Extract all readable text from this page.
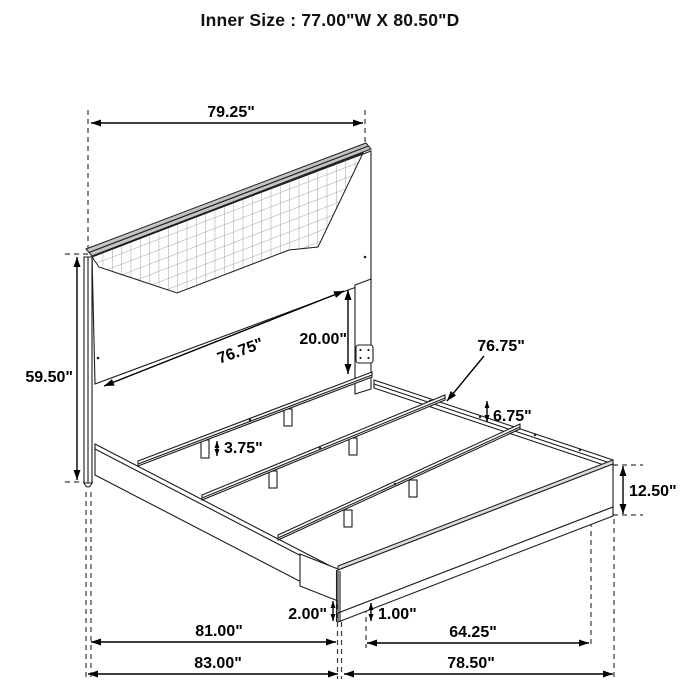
Inner Size : 77.00"W X 80.50"D
79.25"
59.50"
76.75" 20.00"	76.75"
6.75"
3.75"
12.50"
2.00"	1.00"
81.00"	64.25"
83.00"	78.50"
